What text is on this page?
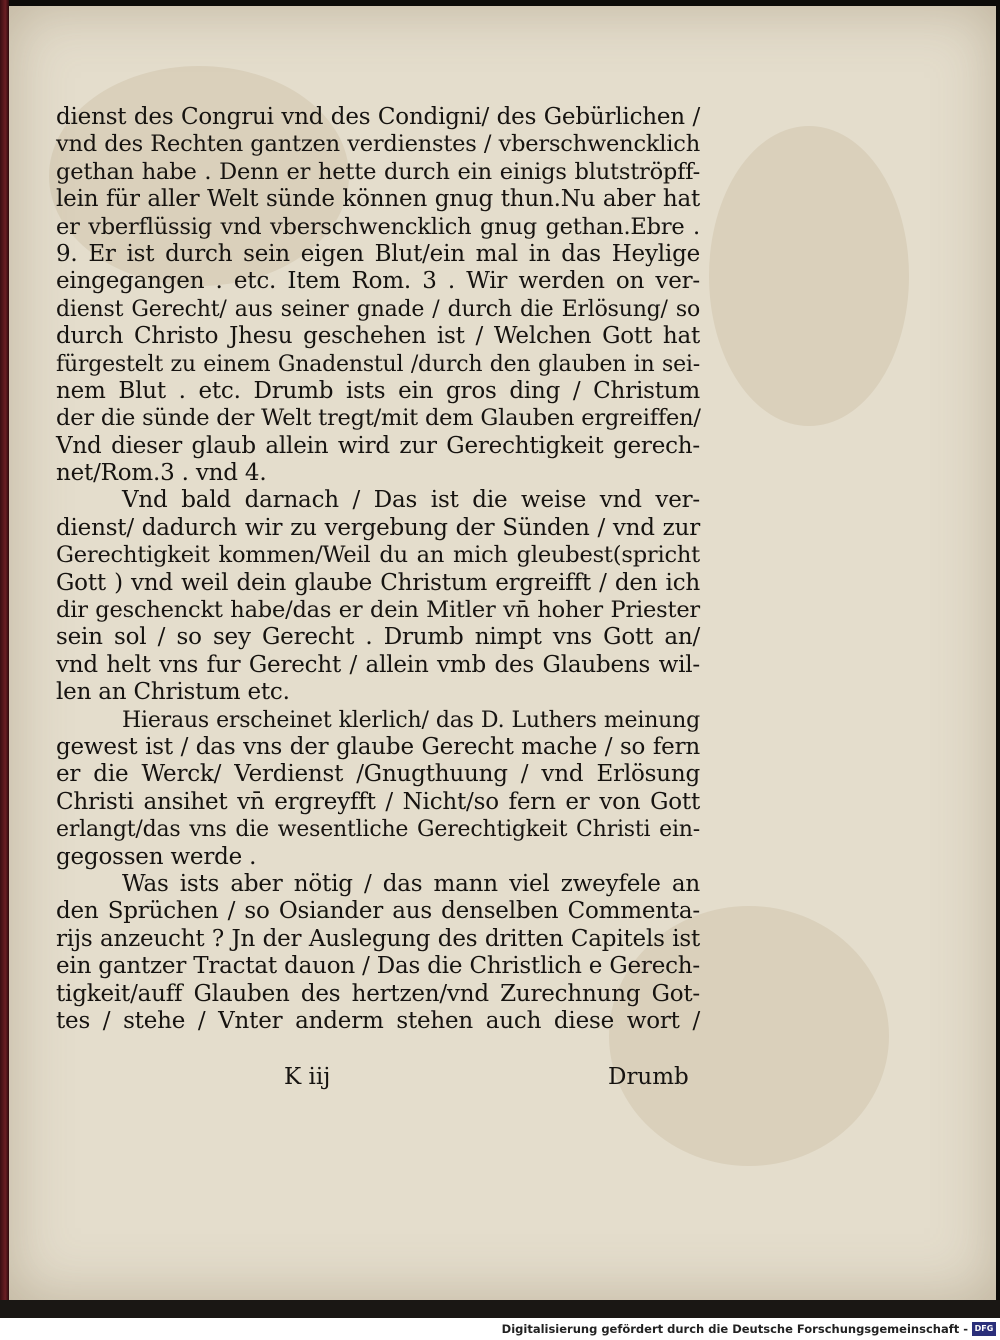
dienst des Congrui vnd des Condigni/ des Gebürlichen /
vnd des Rechten gantzen verdienstes / vberschwencklich
gethan habe . Denn er hette durch ein einigs blutströpff-
lein für aller Welt sünde können gnug thun.Nu aber hat
er vberflüssig vnd vberschwencklich gnug gethan.Ebre .
9. Er ist durch sein eigen Blut/ein mal in das Heylige
eingegangen . etc. Item Rom. 3 . Wir werden on ver-
dienst Gerecht/ aus seiner gnade / durch die Erlösung/ so
durch Christo Jhesu geschehen ist / Welchen Gott hat
fürgestelt zu einem Gnadenstul /durch den glauben in sei-
nem Blut . etc. Drumb ists ein gros ding / Christum
der die sünde der Welt tregt/mit dem Glauben ergreiffen/
Vnd dieser glaub allein wird zur Gerechtigkeit gerech-
net/Rom.3 . vnd 4.
Vnd bald darnach / Das ist die weise vnd ver-
dienst/ dadurch wir zu vergebung der Sünden / vnd zur
Gerechtigkeit kommen/Weil du an mich gleubest(spricht
Gott ) vnd weil dein glaube Christum ergreifft / den ich
dir geschenckt habe/das er dein Mitler vn̄ hoher Priester
sein sol / so sey Gerecht . Drumb nimpt vns Gott an/
vnd helt vns fur Gerecht / allein vmb des Glaubens wil-
len an Christum etc.
Hieraus erscheinet klerlich/ das D. Luthers meinung
gewest ist / das vns der glaube Gerecht mache / so fern
er die Werck/ Verdienst /Gnugthuung / vnd Erlösung
Christi ansihet vn̄ ergreyfft / Nicht/so fern er von Gott
erlangt/das vns die wesentliche Gerechtigkeit Christi ein-
gegossen werde .
Was ists aber nötig / das mann viel zweyfele an
den Sprüchen / so Osiander aus denselben Commenta-
rijs anzeucht ? Jn der Auslegung des dritten Capitels ist
ein gantzer Tractat dauon / Das die Christlich e Gerech-
tigkeit/auff Glauben des hertzen/vnd Zurechnung Got-
tes / stehe / Vnter anderm stehen auch diese wort /
K iij	Drumb
Digitalisierung gefördert durch die Deutsche Forschungsgemeinschaft - DFG
